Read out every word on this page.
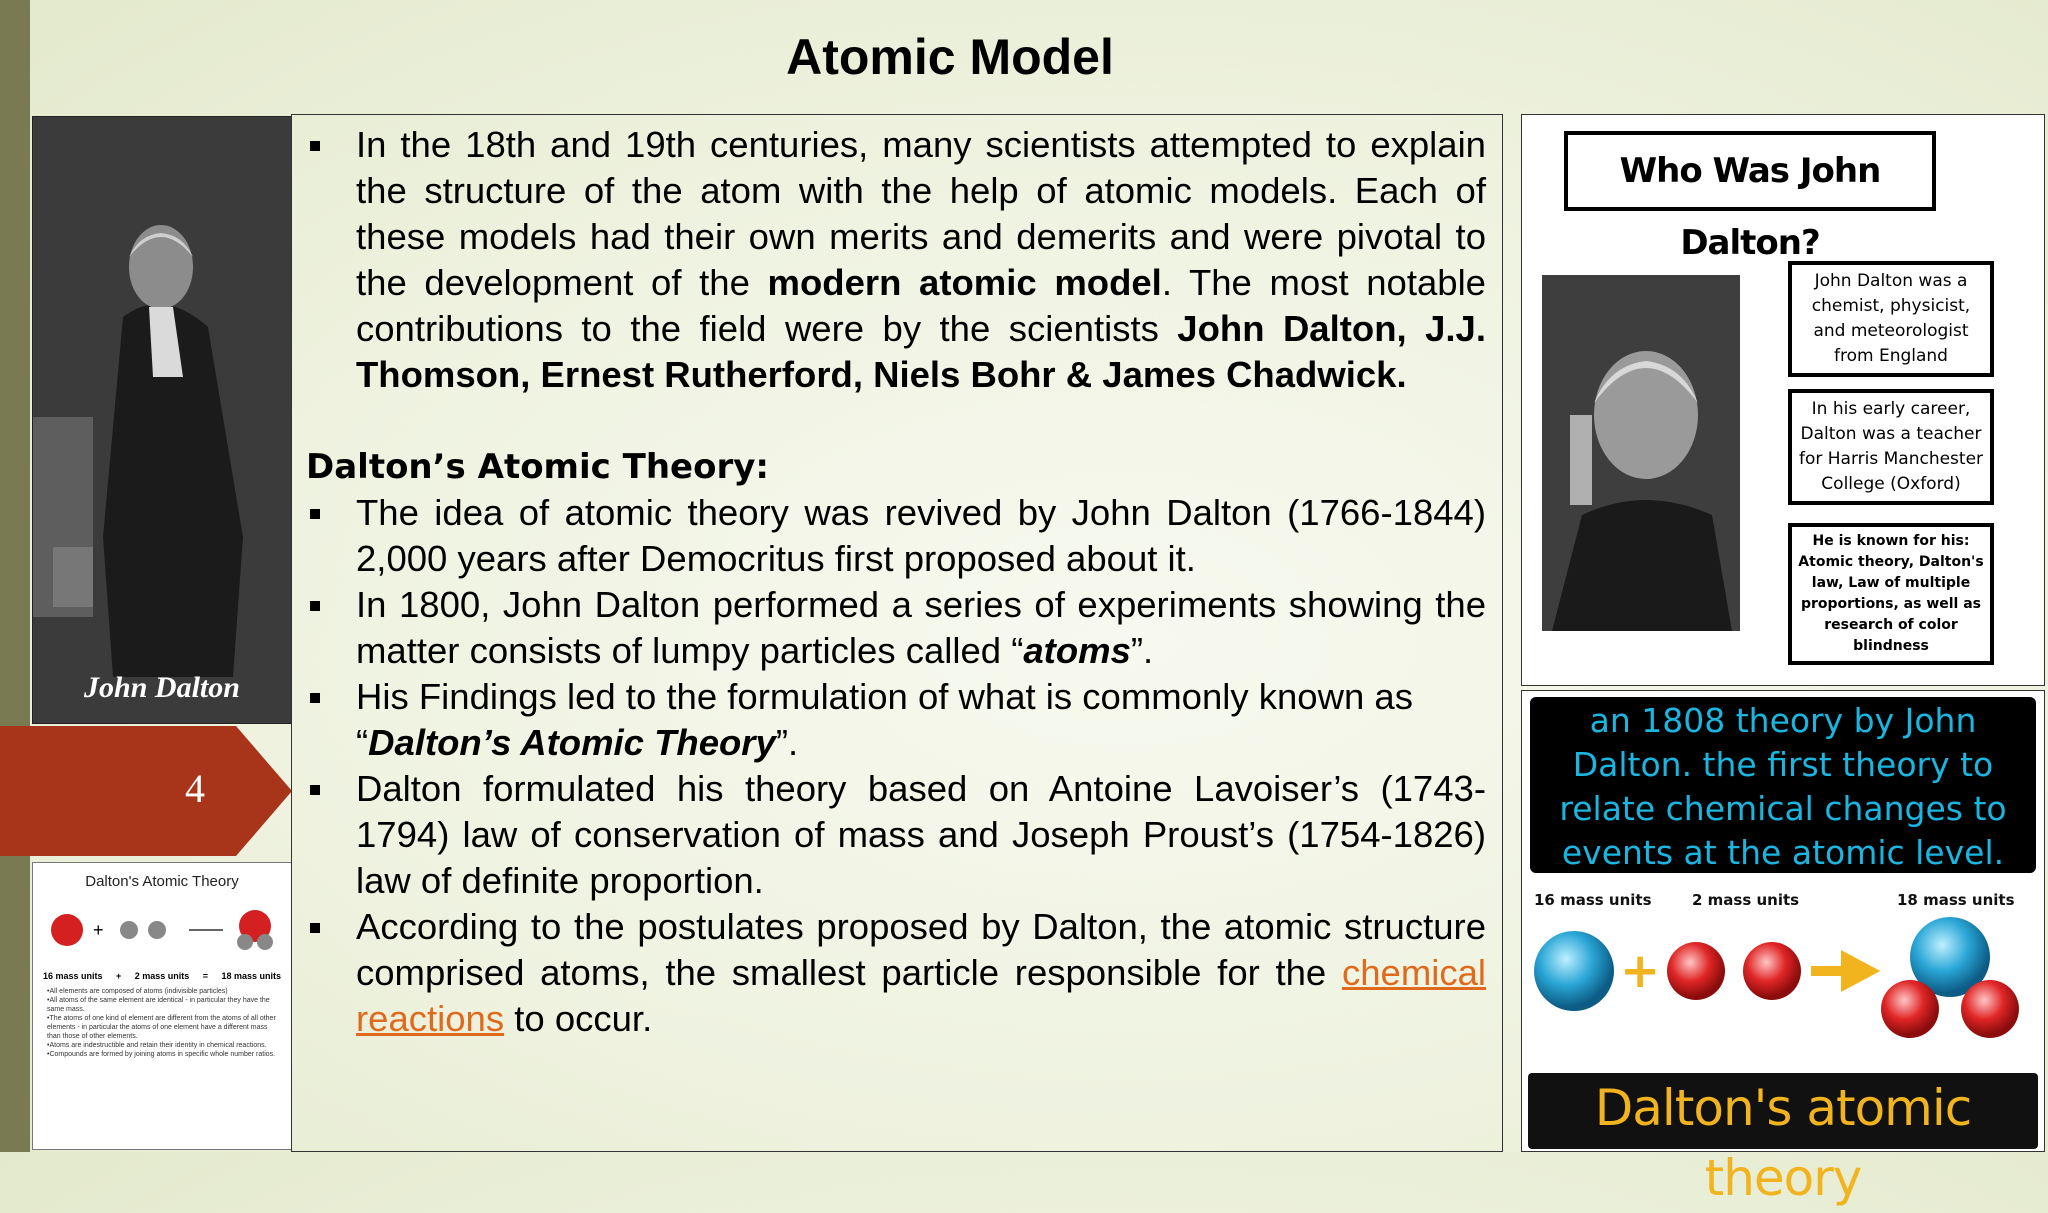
Atomic Model
John Dalton
4
Dalton's Atomic Theory
+
16 mass units + 2 mass units = 18 mass units
•All elements are composed of atoms (indivisible particles)
•All atoms of the same element are identical - in particular they have the same mass.
•The atoms of one kind of element are different from the atoms of all other elements - in particular the atoms of one element have a different mass than those of other elements.
•Atoms are indestructible and retain their identity in chemical reactions.
•Compounds are formed by joining atoms in specific whole number ratios.
In the 18th and 19th centuries, many scientists attempted to explain the structure of the atom with the help of atomic models. Each of these models had their own merits and demerits and were pivotal to the development of the modern atomic model. The most notable contributions to the field were by the scientists John Dalton, J.J. Thomson, Ernest Rutherford, Niels Bohr & James Chadwick.
Dalton’s Atomic Theory:
The idea of atomic theory was revived by John Dalton (1766-1844) 2,000 years after Democritus first proposed about it.
In 1800, John Dalton performed a series of experiments showing the matter consists of lumpy particles called “atoms”.
His Findings led to the formulation of what is commonly known as “Dalton’s Atomic Theory”.
Dalton formulated his theory based on Antoine Lavoiser’s (1743-1794) law of conservation of mass and Joseph Proust’s (1754-1826) law of definite proportion.
According to the postulates proposed by Dalton, the atomic structure comprised atoms, the smallest particle responsible for the chemical reactions to occur.
Who Was John Dalton?
John Dalton was a chemist, physicist, and meteorologist from England
In his early career, Dalton was a teacher for Harris Manchester College (Oxford)
He is known for his: Atomic theory, Dalton's law, Law of multiple proportions, as well as research of color blindness
an 1808 theory by John Dalton. the first theory to relate chemical changes to events at the atomic level.
16 mass units	2 mass units	18 mass units
+
Dalton's atomic theory
